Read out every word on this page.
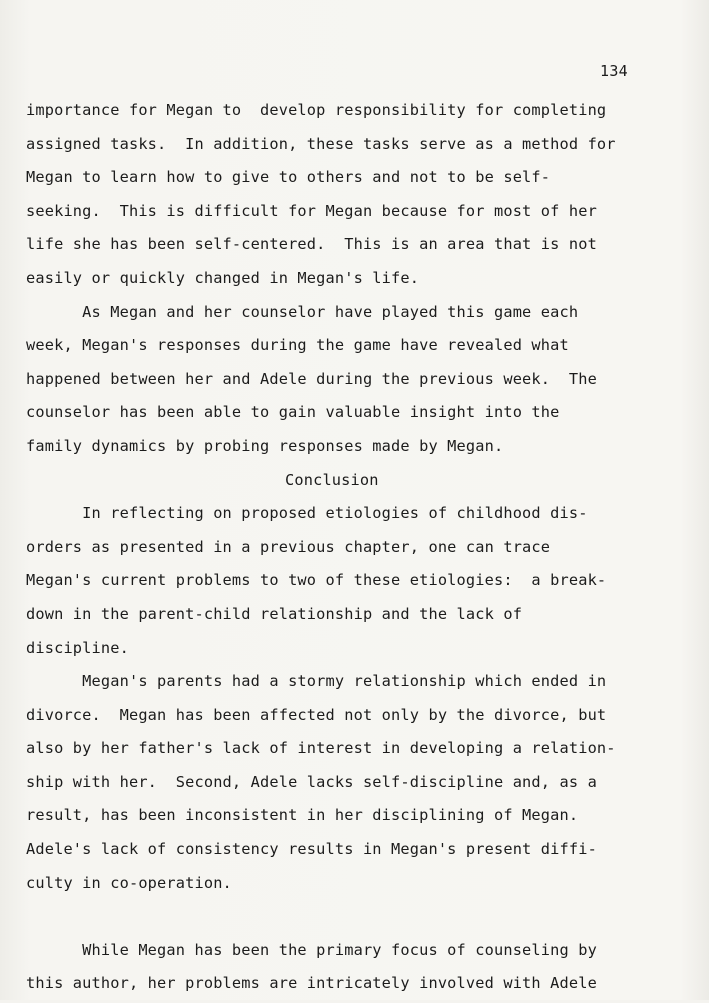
134
importance for Megan to  develop responsibility for completing
assigned tasks.  In addition, these tasks serve as a method for
Megan to learn how to give to others and not to be self-
seeking.  This is difficult for Megan because for most of her
life she has been self-centered.  This is an area that is not
easily or quickly changed in Megan's life.
As Megan and her counselor have played this game each
week, Megan's responses during the game have revealed what
happened between her and Adele during the previous week.  The
counselor has been able to gain valuable insight into the
family dynamics by probing responses made by Megan.
Conclusion
In reflecting on proposed etiologies of childhood dis-
orders as presented in a previous chapter, one can trace
Megan's current problems to two of these etiologies:  a break-
down in the parent-child relationship and the lack of
discipline.
Megan's parents had a stormy relationship which ended in
divorce.  Megan has been affected not only by the divorce, but
also by her father's lack of interest in developing a relation-
ship with her.  Second, Adele lacks self-discipline and, as a
result, has been inconsistent in her disciplining of Megan.
Adele's lack of consistency results in Megan's present diffi-
culty in co-operation.
While Megan has been the primary focus of counseling by
this author, her problems are intricately involved with Adele
